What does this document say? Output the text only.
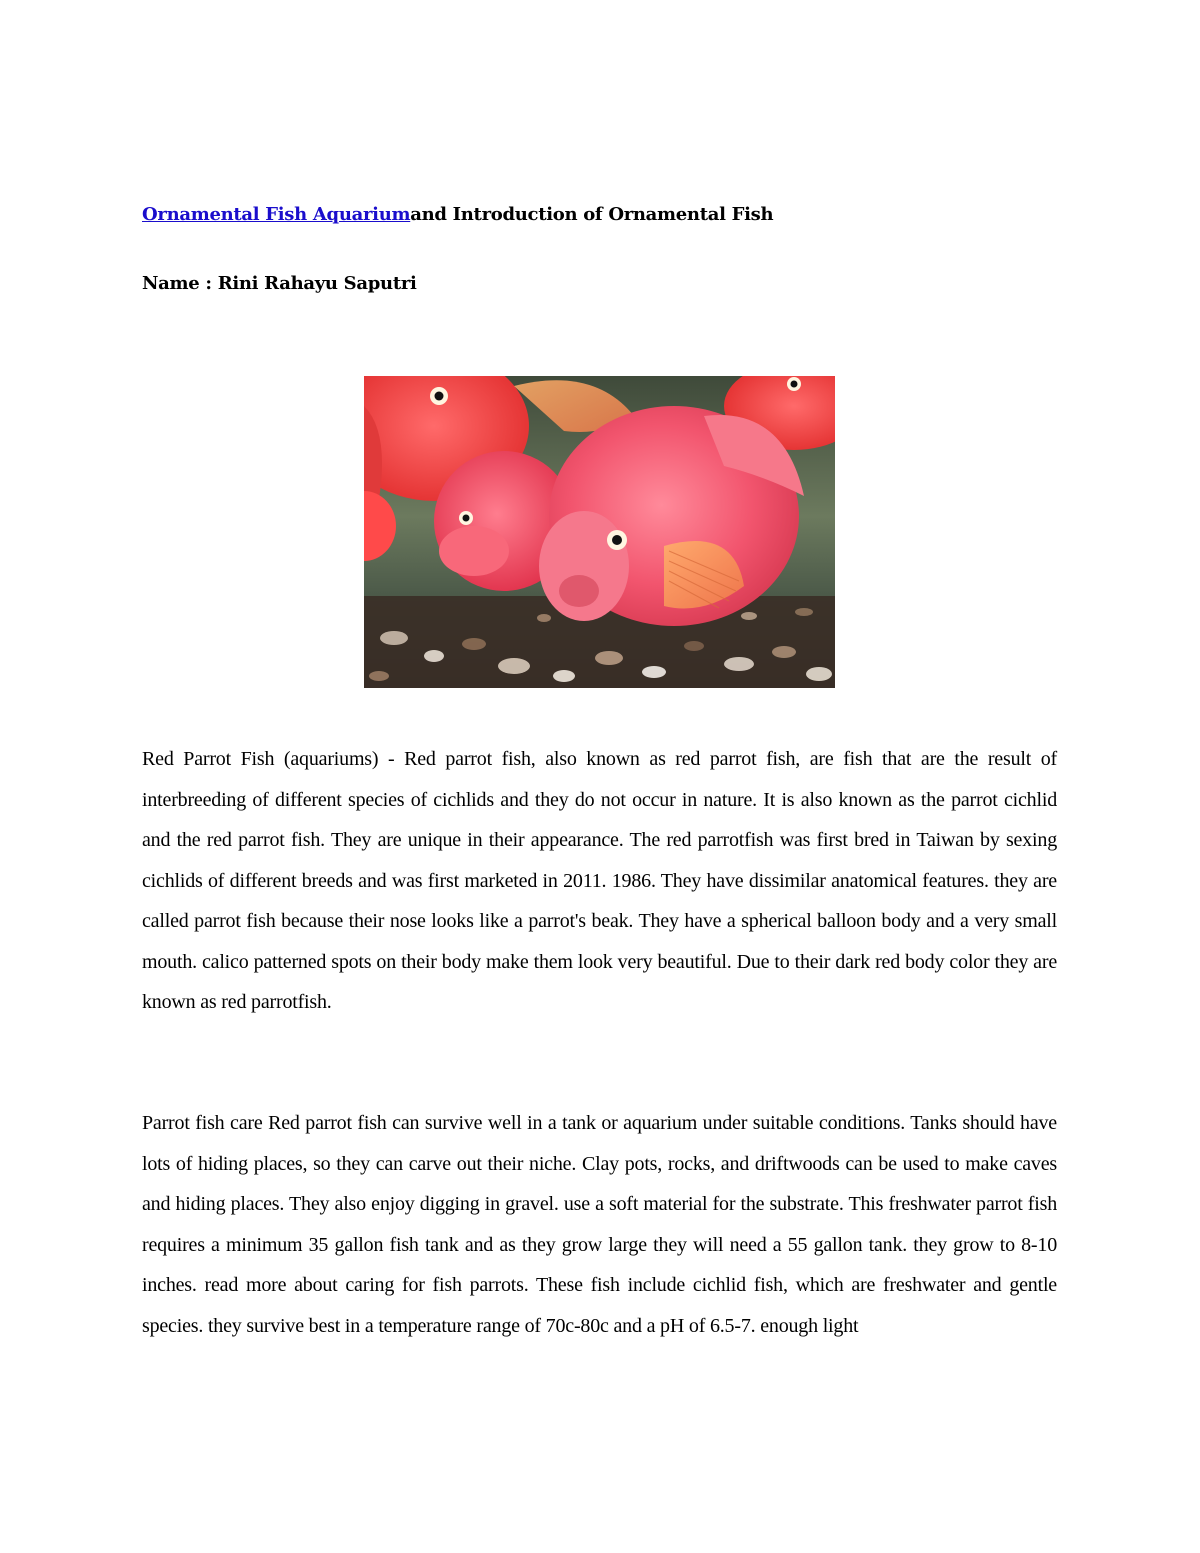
Ornamental Fish Aquariumand Introduction of Ornamental Fish
Name : Rini Rahayu Saputri

Red Parrot Fish (aquariums) - Red parrot fish, also known as red parrot fish, are fish that are the result of interbreeding of different species of cichlids and they do not occur in nature. It is also known as the parrot cichlid and the red parrot fish. They are unique in their appearance. The red parrotfish was first bred in Taiwan by sexing cichlids of different breeds and was first marketed in 2011. 1986. They have dissimilar anatomical features. they are called parrot fish because their nose looks like a parrot's beak. They have a spherical balloon body and a very small mouth. calico patterned spots on their body make them look very beautiful. Due to their dark red body color they are known as red parrotfish.

Parrot fish care Red parrot fish can survive well in a tank or aquarium under suitable conditions. Tanks should have lots of hiding places, so they can carve out their niche. Clay pots, rocks, and driftwoods can be used to make caves and hiding places. They also enjoy digging in gravel. use a soft material for the substrate. This freshwater parrot fish requires a minimum 35 gallon fish tank and as they grow large they will need a 55 gallon tank. they grow to 8-10 inches. read more about caring for fish parrots. These fish include cichlid fish, which are freshwater and gentle species. they survive best in a temperature range of 70c-80c and a pH of 6.5-7. enough light
